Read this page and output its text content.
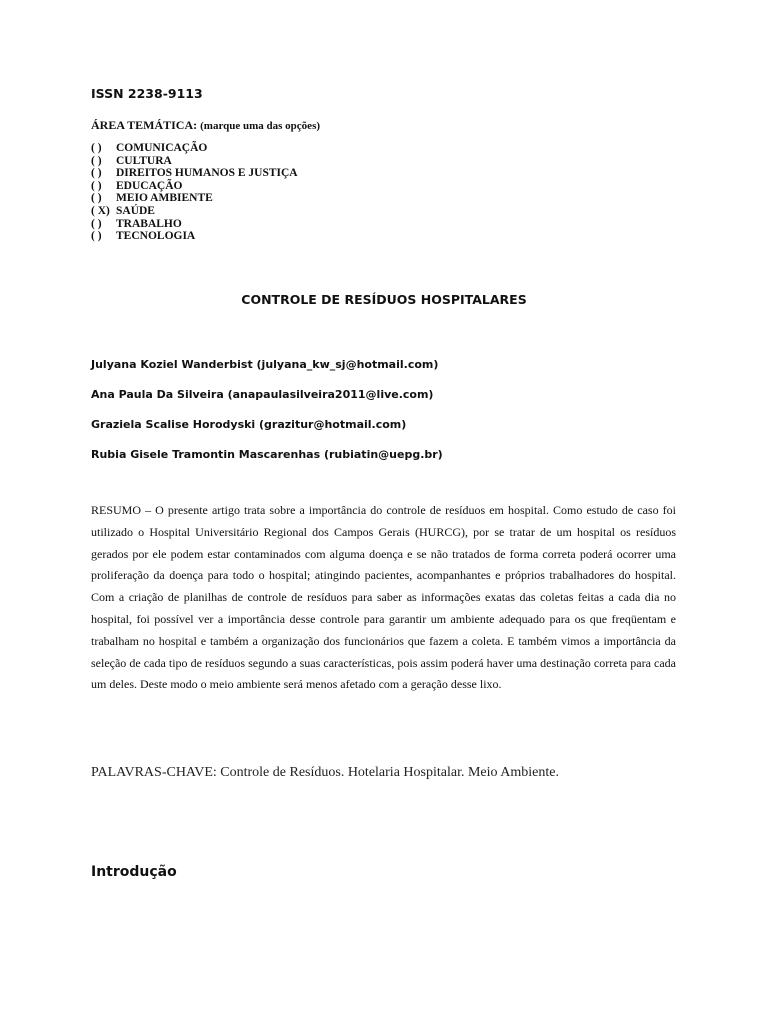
ISSN 2238-9113
ÁREA TEMÁTICA: (marque uma das opções)
( ) COMUNICAÇÃO
( ) CULTURA
( ) DIREITOS HUMANOS E JUSTIÇA
( ) EDUCAÇÃO
( ) MEIO AMBIENTE
( X) SAÚDE
( ) TRABALHO
( ) TECNOLOGIA
CONTROLE DE RESÍDUOS HOSPITALARES
Julyana Koziel Wanderbist (julyana_kw_sj@hotmail.com)
Ana Paula Da Silveira (anapaulasilveira2011@live.com)
Graziela Scalise Horodyski (grazitur@hotmail.com)
Rubia Gisele Tramontin Mascarenhas (rubiatin@uepg.br)

RESUMO – O presente artigo trata sobre a importância do controle de resíduos em hospital. Como estudo de caso foi utilizado o Hospital Universitário Regional dos Campos Gerais (HURCG), por se tratar de um hospital os resíduos gerados por ele podem estar contaminados com alguma doença e se não tratados de forma correta poderá ocorrer uma proliferação da doença para todo o hospital; atingindo pacientes, acompanhantes e próprios trabalhadores do hospital. Com a criação de planilhas de controle de resíduos para saber as informações exatas das coletas feitas a cada dia no hospital, foi possível ver a importância desse controle para garantir um ambiente adequado para os que freqüentam e trabalham no hospital e também a organização dos funcionários que fazem a coleta. E também vimos a importância da seleção de cada tipo de resíduos segundo a suas características, pois assim poderá haver uma destinação correta para cada um deles. Deste modo o meio ambiente será menos afetado com a geração desse lixo.

PALAVRAS-CHAVE: Controle de Resíduos. Hotelaria Hospitalar. Meio Ambiente.
Introdução
